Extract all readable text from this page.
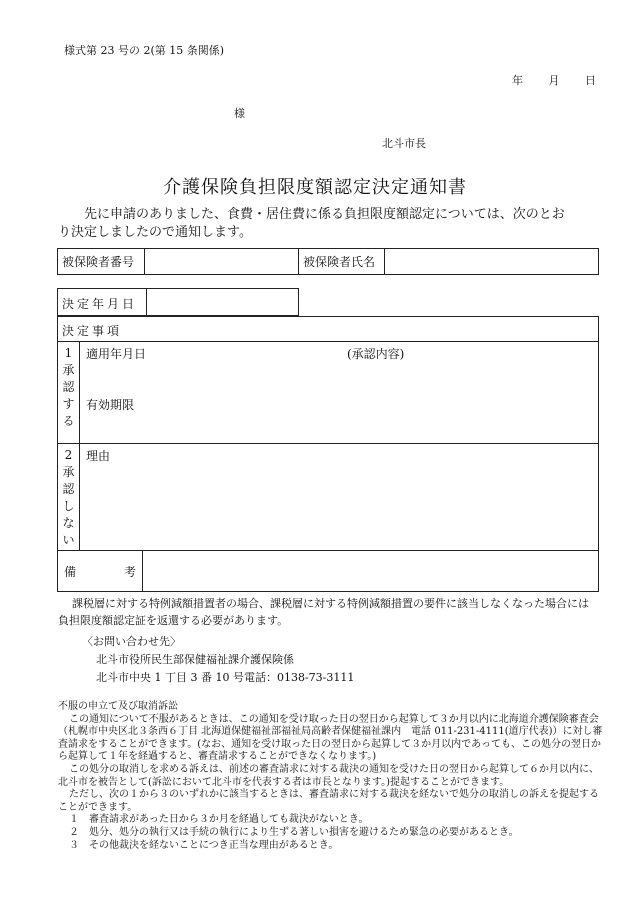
様式第 23 号の 2(第 15 条関係)
年 月 日
様
北斗市長
介護保険負担限度額認定決定通知書
先に申請のありました、食費・居住費に係る負担限度額認定については、次のとお
り決定しましたので通知します。
被保険者番号		被保険者氏名	
決定年月日
決定事項
1
承
認
す
る
適用年月日	(承認内容)
有効期限
2
承
認
し
な
い
理由
備	考

課税層に対する特例減額措置者の場合、課税層に対する特例減額措置の要件に該当しなくなった場合には

負担限度額認定証を返還する必要があります。
〈お問い合わせ先〉
北斗市役所民生部保健福祉課介護保険係
北斗市中央 1 丁目 3 番 10 号電話：0138-73-3111
不服の申立て及び取消訴訟
この通知について不服があるときは、この通知を受け取った日の翌日から起算して３か月以内に北海道介護保険審査会（札幌市中央区北３条西６丁目 北海道保健福祉部福祉局高齢者保健福祉課内　電話 011-231-4111(道庁代表)）に対し審査請求をすることができます。(なお、通知を受け取った日の翌日から起算して３か月以内であっても、この処分の翌日から起算して１年を経過すると、審査請求することができなくなります。)
この処分の取消しを求める訴えは、前述の審査請求に対する裁決の通知を受けた日の翌日から起算して６か月以内に、北斗市を被告として(訴訟において北斗市を代表する者は市長となります。)提起することができます。
ただし、次の１から３のいずれかに該当するときは、審査請求に対する裁決を経ないで処分の取消しの訴えを提起することができます。
１　審査請求があった日から３か月を経過しても裁決がないとき。
２　処分、処分の執行又は手続の執行により生ずる著しい損害を避けるため緊急の必要があるとき。
３　その他裁決を経ないことにつき正当な理由があるとき。
